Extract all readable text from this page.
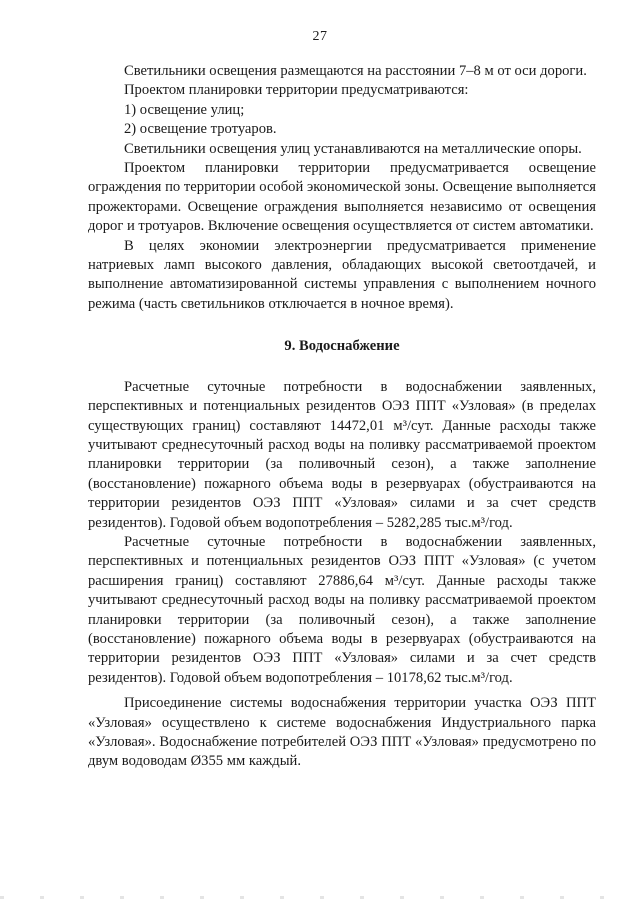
27

Светильники освещения размещаются на расстоянии 7–8 м от оси дороги.

Проектом планировки территории предусматриваются:

1) освещение улиц;

2) освещение тротуаров.

Светильники освещения улиц устанавливаются на металлические опоры.

Проектом планировки территории предусматривается освещение ограждения по территории особой экономической зоны. Освещение выполняется прожекторами. Освещение ограждения выполняется независимо от освещения дорог и тротуаров. Включение освещения осуществляется от систем автоматики.

В целях экономии электроэнергии предусматривается применение натриевых ламп высокого давления, обладающих высокой светоотдачей, и выполнение автоматизированной системы управления с выполнением ночного режима (часть светильников отключается в ночное время).

9. Водоснабжение

Расчетные суточные потребности в водоснабжении заявленных, перспективных и потенциальных резидентов ОЭЗ ППТ «Узловая» (в пределах существующих границ) составляют 14472,01 м³/сут. Данные расходы также учитывают среднесуточный расход воды на поливку рассматриваемой проектом планировки территории (за поливочный сезон), а также заполнение (восстановление) пожарного объема воды в резервуарах (обустраиваются на территории резидентов ОЭЗ ППТ «Узловая» силами и за счет средств резидентов). Годовой объем водопотребления – 5282,285 тыс.м³/год.

Расчетные суточные потребности в водоснабжении заявленных, перспективных и потенциальных резидентов ОЭЗ ППТ «Узловая» (с учетом расширения границ) составляют 27886,64 м³/сут. Данные расходы также учитывают среднесуточный расход воды на поливку рассматриваемой проектом планировки территории (за поливочный сезон), а также заполнение (восстановление) пожарного объема воды в резервуарах (обустраиваются на территории резидентов ОЭЗ ППТ «Узловая» силами и за счет средств резидентов). Годовой объем водопотребления – 10178,62 тыс.м³/год.

Присоединение системы водоснабжения территории участка ОЭЗ ППТ «Узловая» осуществлено к системе водоснабжения Индустриального парка «Узловая». Водоснабжение потребителей ОЭЗ ППТ «Узловая» предусмотрено по двум водоводам Ø355 мм каждый.
